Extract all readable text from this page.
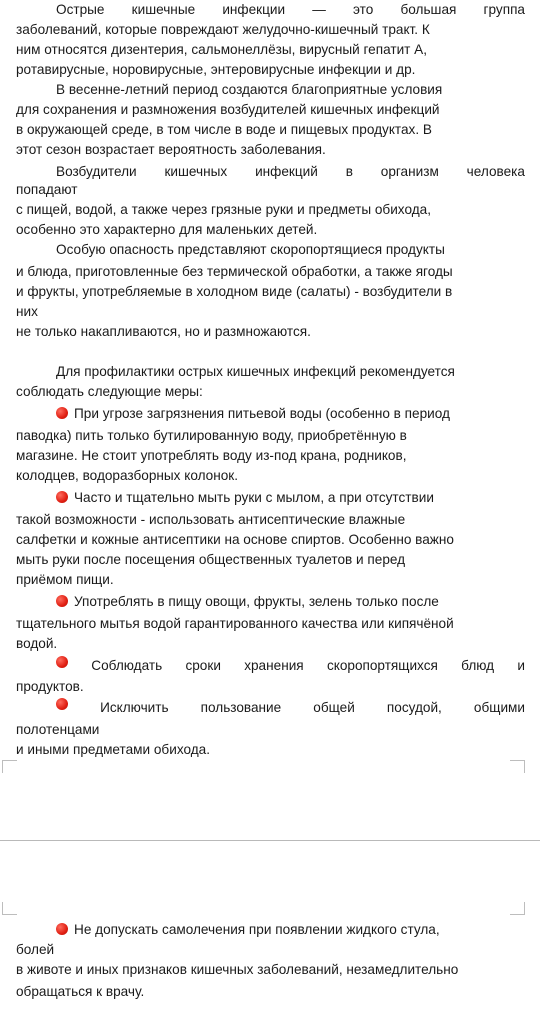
Острые кишечные инфекции — это большая группа
заболеваний, которые повреждают желудочно-кишечный тракт. К
ним относятся дизентерия, сальмонеллёзы, вирусный гепатит А,
ротавирусные, норовирусные, энтеровирусные инфекции и др.
В весенне-летний период создаются благоприятные условия
для сохранения и размножения возбудителей кишечных инфекций
в окружающей среде, в том числе в воде и пищевых продуктах. В
этот сезон возрастает вероятность заболевания.
Возбудители кишечных инфекций в организм человека
попадают
с пищей, водой, а также через грязные руки и предметы обихода,
особенно это характерно для маленьких детей.
Особую опасность представляют скоропортящиеся продукты
и блюда, приготовленные без термической обработки, а также ягоды
и фрукты, употребляемые в холодном виде (салаты) - возбудители в
них
не только накапливаются, но и размножаются.
Для профилактики острых кишечных инфекций рекомендуется
соблюдать следующие меры:
При угрозе загрязнения питьевой воды (особенно в период
паводка) пить только бутилированную воду, приобретённую в
магазине. Не стоит употреблять воду из-под крана, родников,
колодцев, водоразборных колонок.
Часто и тщательно мыть руки с мылом, а при отсутствии
такой возможности - использовать антисептические влажные
салфетки и кожные антисептики на основе спиртов. Особенно важно
мыть руки после посещения общественных туалетов и перед
приёмом пищи.
Употреблять в пищу овощи, фрукты, зелень только после
тщательного мытья водой гарантированного качества или кипячёной
водой.
Соблюдать сроки хранения скоропортящихся блюд и
продуктов.
Исключить пользование общей посудой, общими
полотенцами
и иными предметами обихода.
Не допускать самолечения при появлении жидкого стула,
болей
в животе и иных признаков кишечных заболеваний, незамедлительно
обращаться к врачу.
